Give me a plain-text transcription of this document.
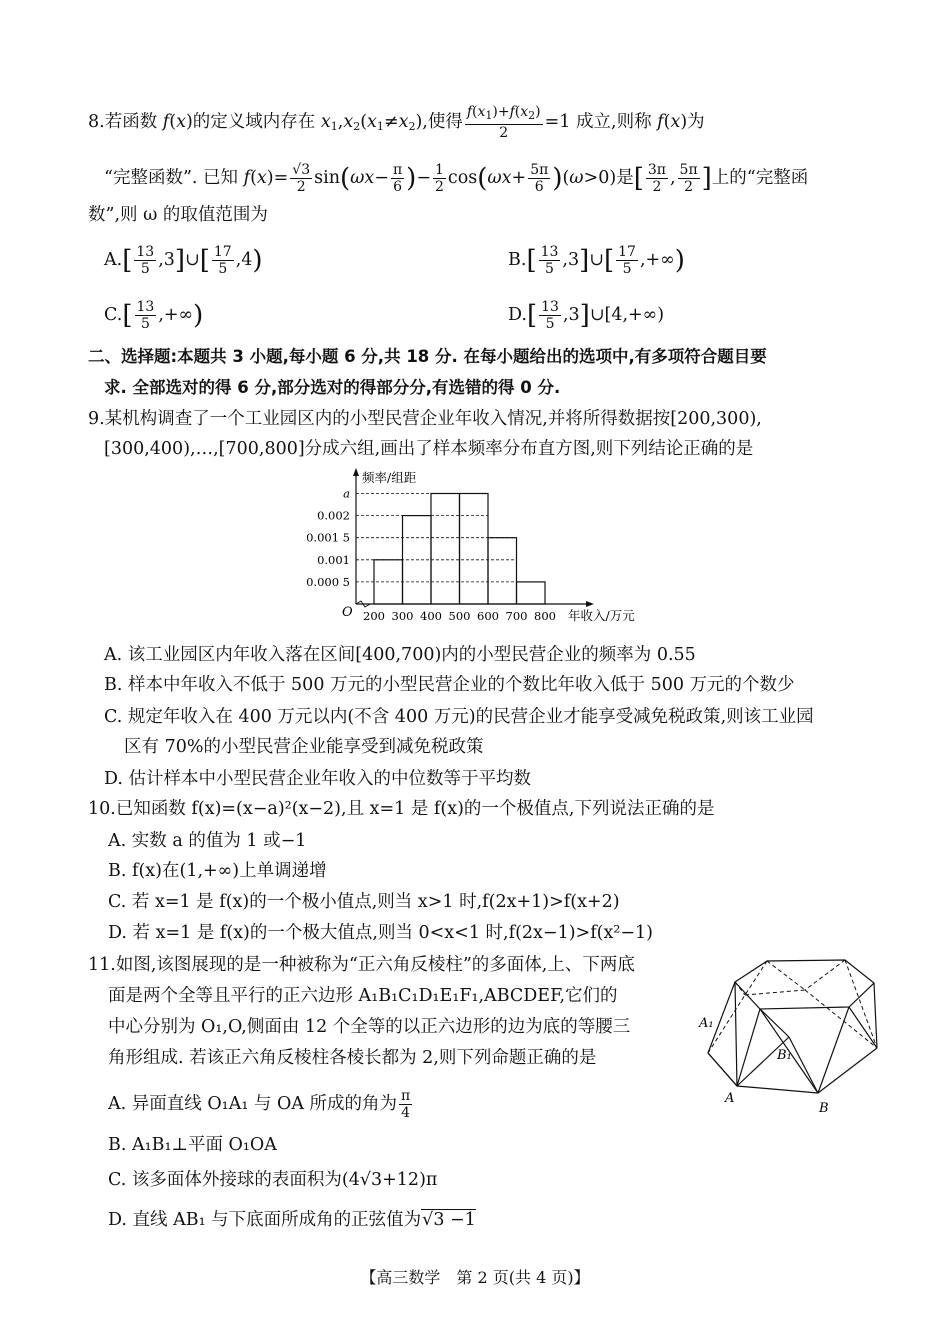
8.若函数 f(x)的定义域内存在 $x_1,x_2(x_1\ne x_2)$,使得 $\frac{f(x_1)+f(x_2)}{2} =1$ 成立,则称 f(x)为
“完整函数”. 已知 $f(x)= \frac{√3}{2} \sin(\omega x- \frac{\pi}{6}$ )− $\frac{1}{2} \cos(\omega x+ \frac{5\pi}{6} )(\omega>0)$是[ $\frac{3\pi}{2}$ , $\frac{5\pi}{2}$ ]上的“完整函
数”,则 ω 的取值范围为
$A.[ \frac{13}{5}$ ,3]∪[ $\frac{17}{5} ,4$)	$B.[ \frac{13}{5}$ ,3]∪[ $\frac{17}{5}$ ,+∞)
$C.[ \frac{13}{5}$ ,+∞)	$D.[ \frac{13}{5}$ ,3]∪[4,+∞)
二、选择题:本题共 3 小题,每小题 6 分,共 18 分. 在每小题给出的选项中,有多项符合题目要
求. 全部选对的得 6 分,部分选对的得部分分,有选错的得 0 分.
9.某机构调查了一个工业园区内的小型民营企业年收入情况,并将所得数据按[200,300),
[300,400),…,[700,800]分成六组,画出了样本频率分布直方图,则下列结论正确的是
a
0.002
0.001 5
0.001
0.000 5
200 300 400 500 600 700 800
O
频率/组距
年收入/万元
A. 该工业园区内年收入落在区间[400,700)内的小型民营企业的频率为 0.55
B. 样本中年收入不低于 500 万元的小型民营企业的个数比年收入低于 500 万元的个数少
C. 规定年收入在 400 万元以内(不含 400 万元)的民营企业才能享受减免税政策,则该工业园
区有 70%的小型民营企业能享受到减免税政策
D. 估计样本中小型民营企业年收入的中位数等于平均数
10.已知函数 f(x)=(x−a)²(x−2),且 x=1 是 f(x)的一个极值点,下列说法正确的是
A. 实数 a 的值为 1 或−1
B. f(x)在(1,+∞)上单调递增
C. 若 x=1 是 f(x)的一个极小值点,则当 x>1 时,f(2x+1)>f(x+2)
D. 若 x=1 是 f(x)的一个极大值点,则当 0<x<1 时,f(2x−1)>f(x²−1)
11.如图,该图展现的是一种被称为“正六角反棱柱”的多面体,上、下两底
面是两个全等且平行的正六边形 A₁B₁C₁D₁E₁F₁,ABCDEF,它们的
中心分别为 O₁,O,侧面由 12 个全等的以正六边形的边为底的等腰三
角形组成. 若该正六角反棱柱各棱长都为 2,则下列命题正确的是
A. 异面直线 O₁A₁ 与 OA 所成的角为 $\frac{\pi}{4}$
B. A₁B₁⊥平面 O₁OA
C. 该多面体外接球的表面积为(4√3+12)π
D. 直线 AB₁ 与下底面所成角的正弦值为√3 −1
A₁
B₁
A
B
【高三数学　第 2 页(共 4 页)】
